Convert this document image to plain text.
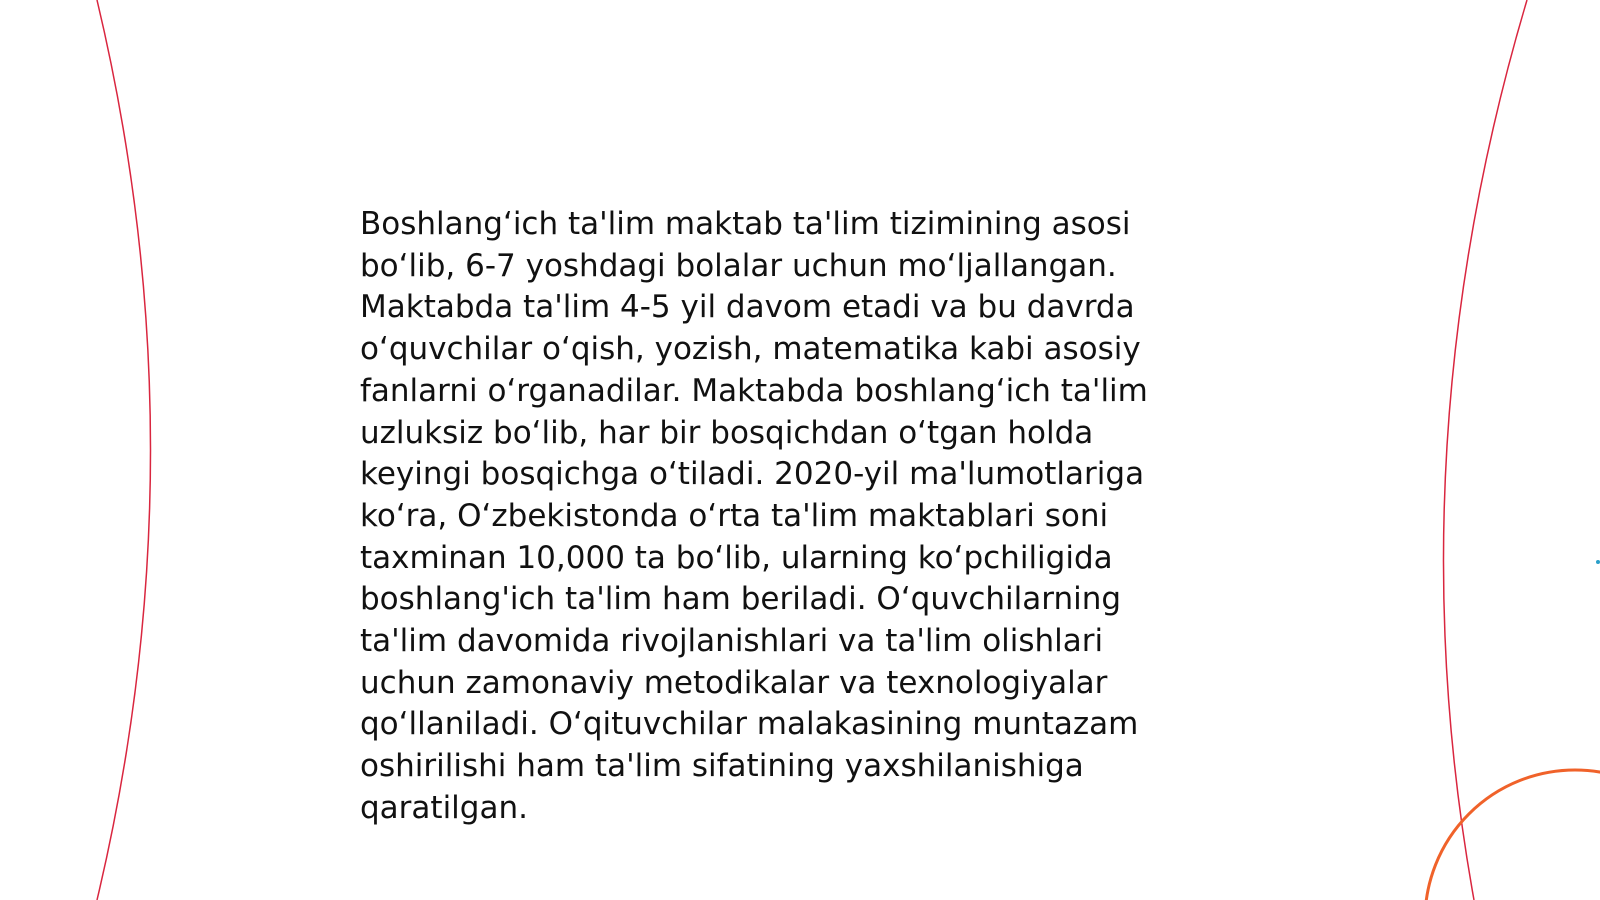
Boshlangʻich ta'lim maktab ta'lim tizimining asosi boʻlib, 6-7 yoshdagi bolalar uchun moʻljallangan. Maktabda ta'lim 4-5 yil davom etadi va bu davrda oʻquvchilar oʻqish, yozish, matematika kabi asosiy fanlarni oʻrganadilar. Maktabda boshlangʻich ta'lim uzluksiz boʻlib, har bir bosqichdan oʻtgan holda keyingi bosqichga oʻtiladi. 2020-yil ma'lumotlariga koʻra, Oʻzbekistonda oʻrta ta'lim maktablari soni taxminan 10,000 ta boʻlib, ularning koʻpchiligida boshlang'ich ta'lim ham beriladi. Oʻquvchilarning ta'lim davomida rivojlanishlari va ta'lim olishlari uchun zamonaviy metodikalar va texnologiyalar qoʻllaniladi. Oʻqituvchilar malakasining muntazam oshirilishi ham ta'lim sifatining yaxshilanishiga qaratilgan.
